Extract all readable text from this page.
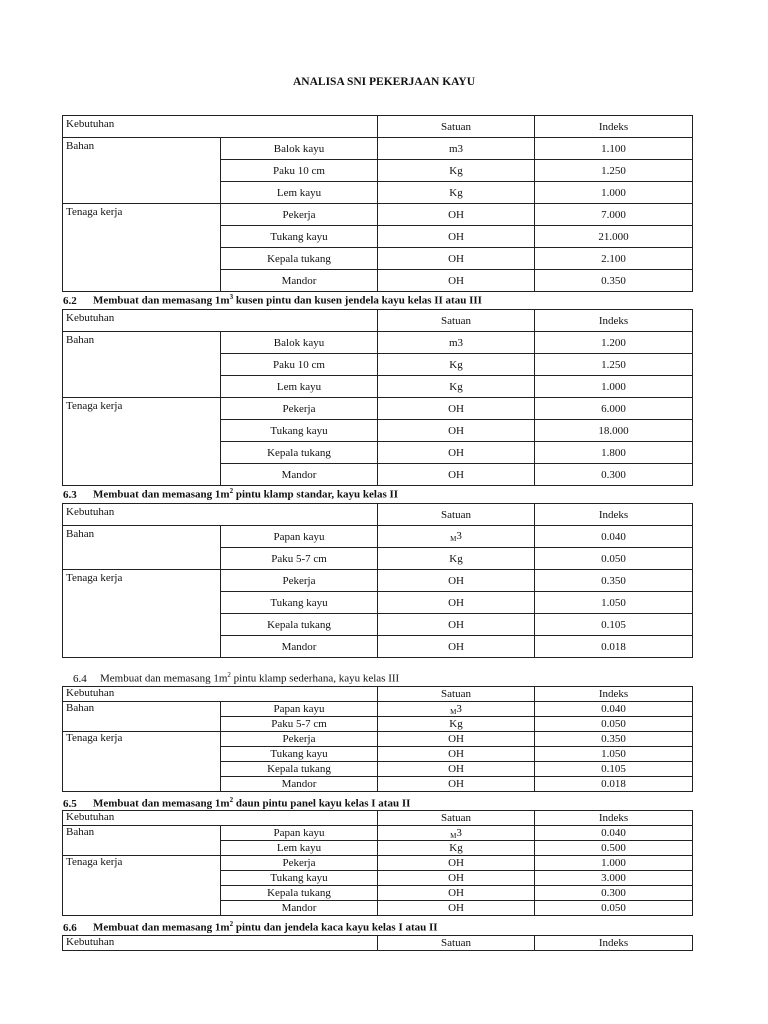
ANALISA SNI PEKERJAAN KAYU
Kebutuhan		Satuan	Indeks
Bahan	Balok kayu	m3	1.100
	Paku 10 cm	Kg	1.250
	Lem kayu	Kg	1.000
Tenaga kerja	Pekerja	OH	7.000
	Tukang kayu	OH	21.000
	Kepala tukang	OH	2.100
	Mandor	OH	0.350
6.2 Membuat dan memasang $1m^3$ kusen pintu dan kusen jendela kayu kelas II atau III
Kebutuhan		Satuan	Indeks
Bahan	Balok kayu	m3	1.200
	Paku 10 cm	Kg	1.250
	Lem kayu	Kg	1.000
Tenaga kerja	Pekerja	OH	6.000
	Tukang kayu	OH	18.000
	Kepala tukang	OH	1.800
	Mandor	OH	0.300
6.3 Membuat dan memasang $1m^2$ pintu klamp standar, kayu kelas II
Kebutuhan		Satuan	Indeks
Bahan	Papan kayu	$_M$3	0.040
	Paku 5-7 cm	Kg	0.050
Tenaga kerja	Pekerja	OH	0.350
	Tukang kayu	OH	1.050
	Kepala tukang	OH	0.105
	Mandor	OH	0.018
6.4 Membuat dan memasang $1m^2$ pintu klamp sederhana, kayu kelas III
Kebutuhan		Satuan	Indeks
Bahan	Papan kayu	$_M$3	0.040
	Paku 5-7 cm	Kg	0.050
Tenaga kerja	Pekerja	OH	0.350
	Tukang kayu	OH	1.050
	Kepala tukang	OH	0.105
	Mandor	OH	0.018
6.5 Membuat dan memasang $1m^2$ daun pintu panel kayu kelas I atau II
Kebutuhan		Satuan	Indeks
Bahan	Papan kayu	$_M$3	0.040
	Lem kayu	Kg	0.500
Tenaga kerja	Pekerja	OH	1.000
	Tukang kayu	OH	3.000
	Kepala tukang	OH	0.300
	Mandor	OH	0.050
6.6 Membuat dan memasang $1m^2$ pintu dan jendela kaca kayu kelas I atau II
Kebutuhan	Satuan	Indeks
